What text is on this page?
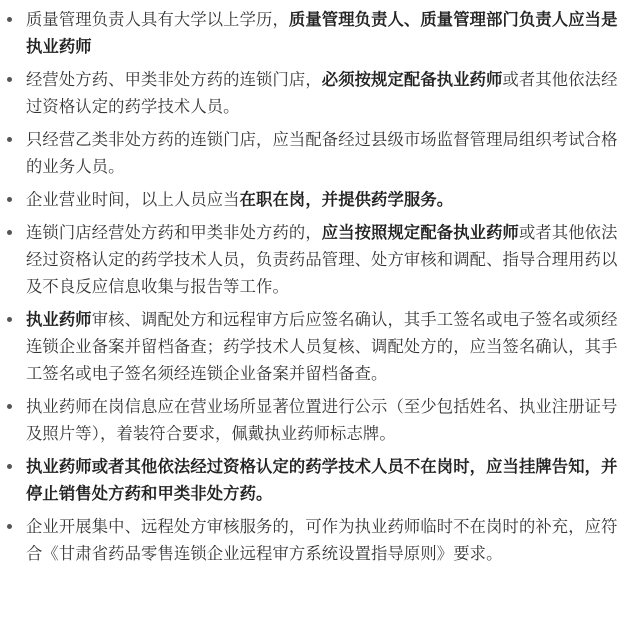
质量管理负责人具有大学以上学历，质量管理负责人、质量管理部门负责人应当是执业药师
经营处方药、甲类非处方药的连锁门店，必须按规定配备执业药师或者其他依法经过资格认定的药学技术人员。
只经营乙类非处方药的连锁门店，应当配备经过县级市场监督管理局组织考试合格的业务人员。
企业营业时间，以上人员应当在职在岗，并提供药学服务。
连锁门店经营处方药和甲类非处方药的，应当按照规定配备执业药师或者其他依法经过资格认定的药学技术人员，负责药品管理、处方审核和调配、指导合理用药以及不良反应信息收集与报告等工作。
执业药师审核、调配处方和远程审方后应签名确认，其手工签名或电子签名或须经连锁企业备案并留档备查；药学技术人员复核、调配处方的，应当签名确认，其手工签名或电子签名须经连锁企业备案并留档备查。
执业药师在岗信息应在营业场所显著位置进行公示（至少包括姓名、执业注册证号及照片等），着装符合要求，佩戴执业药师标志牌。
执业药师或者其他依法经过资格认定的药学技术人员不在岗时，应当挂牌告知，并停止销售处方药和甲类非处方药。
企业开展集中、远程处方审核服务的，可作为执业药师临时不在岗时的补充，应符合《甘肃省药品零售连锁企业远程审方系统设置指导原则》要求。
